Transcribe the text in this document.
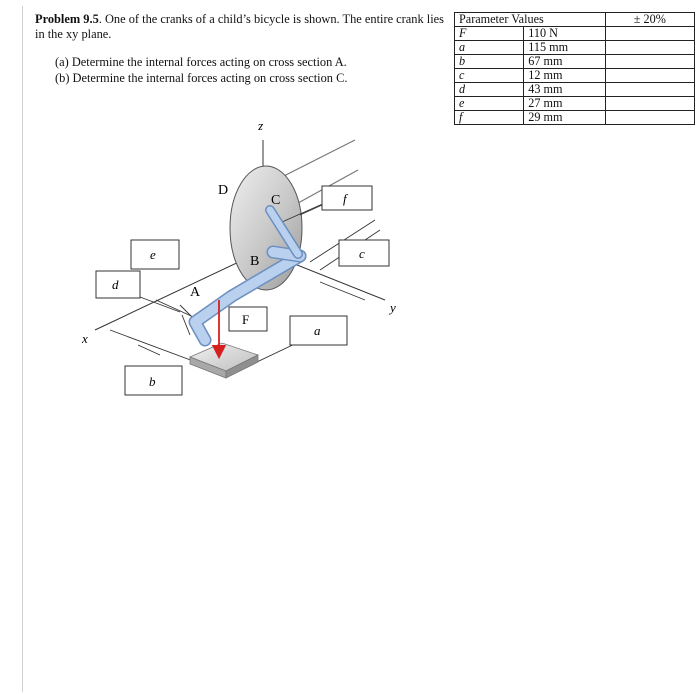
Problem 9.5. One of the cranks of a child’s bicycle is shown. The entire crank lies in the xy plane.
(a) Determine the internal forces acting on cross section A.
(b) Determine the internal forces acting on cross section C.
Parameter Values		± 20%
F	110 N	
a	115 mm	
b	67 mm	
c	12 mm	
d	43 mm	
e	27 mm	
f	29 mm	
z
y
x
D
C
B
A
f
c
e
d
F
a
b
